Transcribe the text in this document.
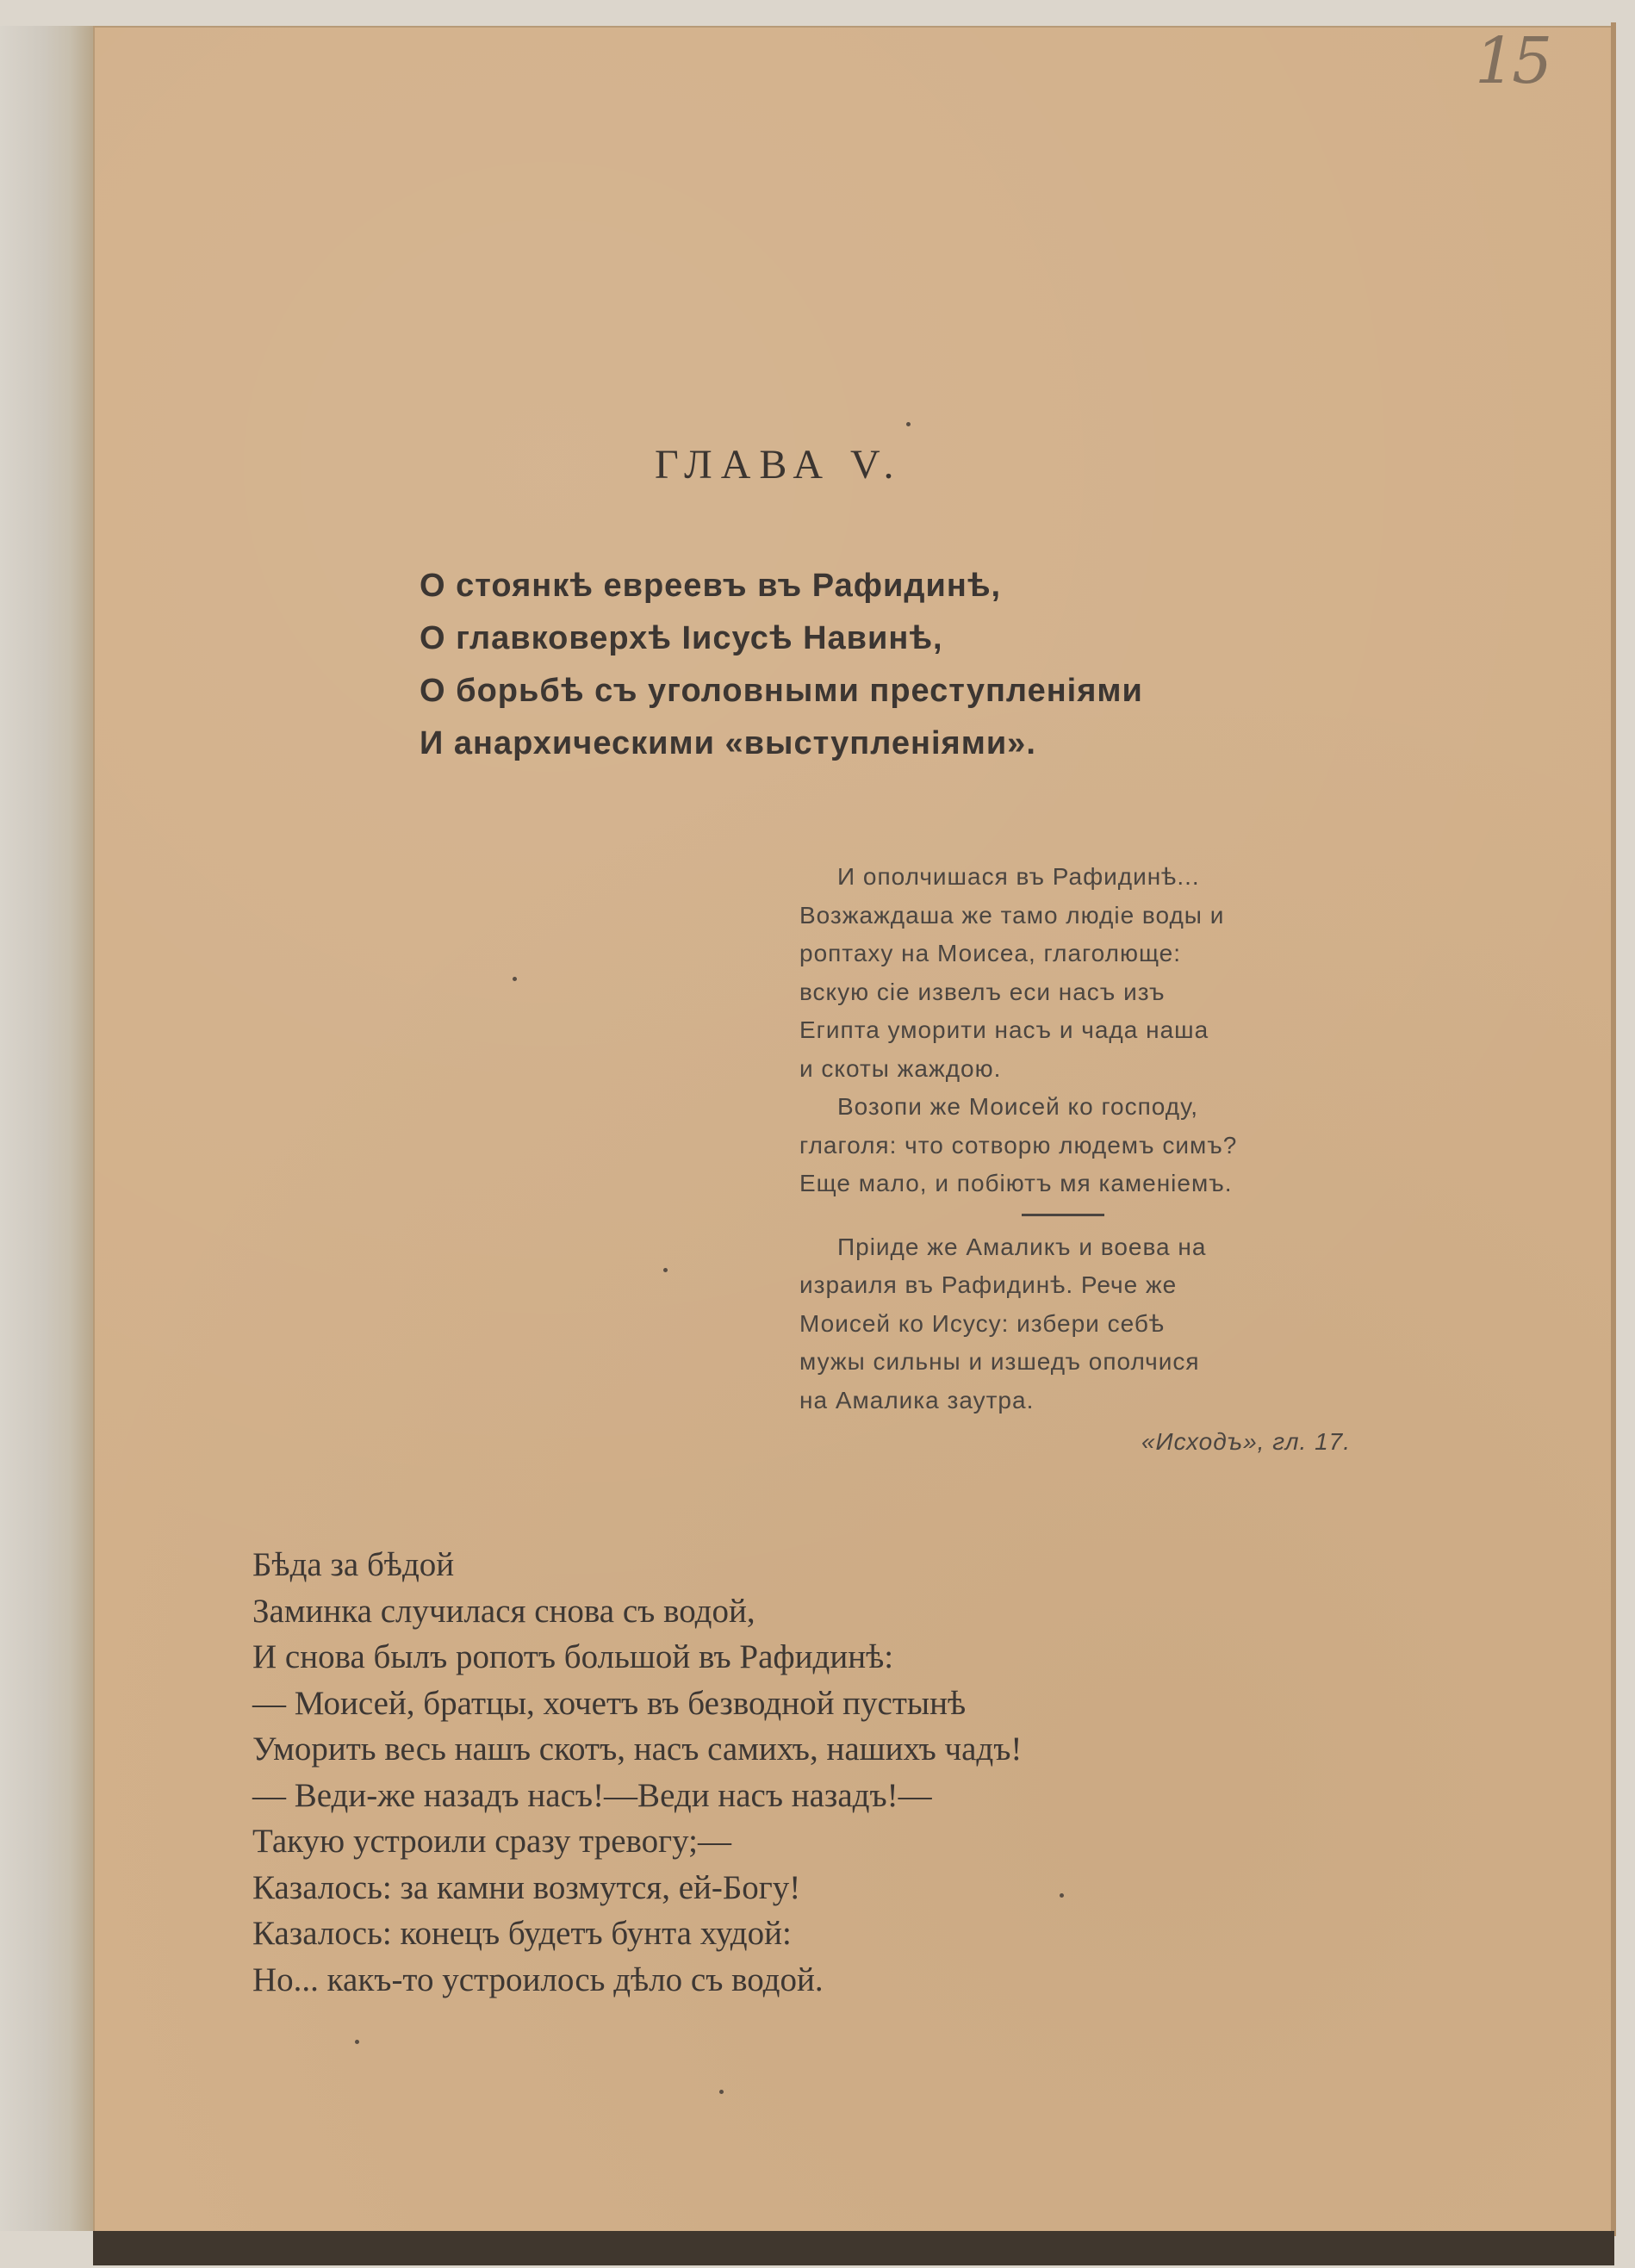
15
ГЛАВА V.
О стоянкѣ евреевъ въ Рафидинѣ,
О главковерхѣ Iисусѣ Навинѣ,
О борьбѣ съ уголовными преступленiями
И анархическими «выступленiями».
И ополчишася въ Рафидинѣ...
Возжаждаша же тамо людiе воды и
роптаху на Моисеа, глаголюще:
вскую сiе извелъ еси насъ изъ
Египта уморити насъ и чада наша
и скоты жаждою.
Возопи же Моисей ко господу,
глаголя: что сотворю людемъ симъ?
Еще мало, и побiютъ мя каменiемъ.
Прiиде же Амаликъ и воева на
израиля въ Рафидинѣ. Рече же
Моисей ко Исусу: избери себѣ
мужы сильны и изшедъ ополчися
на Амалика заутра.
«Исходъ», гл. 17.
Бѣда за бѣдой
Заминка случилася снова съ водой,
И снова былъ ропотъ большой въ Рафидинѣ:
— Моисей, братцы, хочетъ въ безводной пустынѣ
Уморить весь нашъ скотъ, насъ самихъ, нашихъ чадъ!
— Веди-же назадъ насъ!—Веди насъ назадъ!—
Такую устроили сразу тревогу;—
Казалось: за камни возмутся, ей-Богу!
Казалось: конецъ будетъ бунта худой:
Но... какъ-то устроилось дѣло съ водой.
